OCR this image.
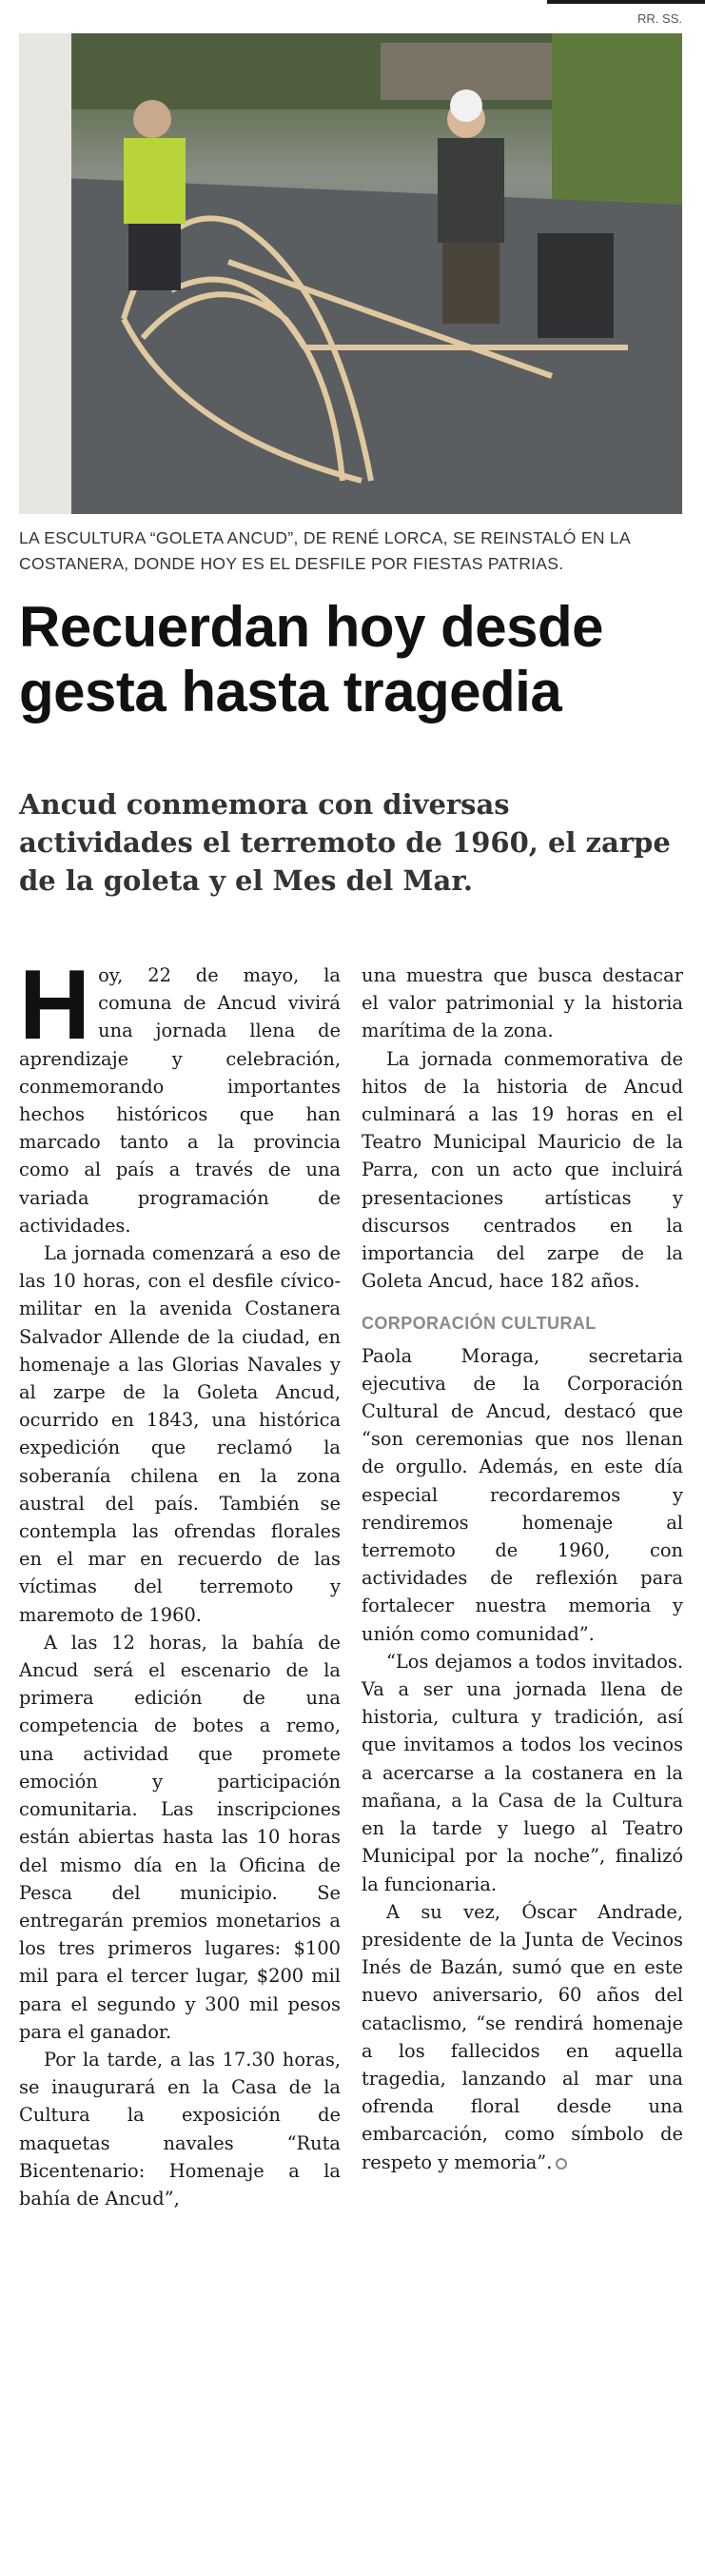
RR. SS.
LA ESCULTURA “GOLETA ANCUD”, DE RENÉ LORCA, SE REINSTALÓ EN LA COSTANERA, DONDE HOY ES EL DESFILE POR FIESTAS PATRIAS.
Recuerdan hoy desde gesta hasta tragedia
Ancud conmemora con diversas actividades el terremoto de 1960, el zarpe de la goleta y el Mes del Mar.

Hoy, 22 de mayo, la comuna de Ancud vivirá una jornada llena de aprendizaje y celebración, conmemorando importantes hechos históricos que han marcado tanto a la provincia como al país a través de una variada programación de actividades.

La jornada comenzará a eso de las 10 horas, con el desfile cívico-militar en la avenida Costanera Salvador Allende de la ciudad, en homenaje a las Glorias Navales y al zarpe de la Goleta Ancud, ocurrido en 1843, una histórica expedición que reclamó la soberanía chilena en la zona austral del país. También se contempla las ofrendas florales en el mar en recuerdo de las víctimas del terremoto y maremoto de 1960.

A las 12 horas, la bahía de Ancud será el escenario de la primera edición de una competencia de botes a remo, una actividad que promete emoción y participación comunitaria. Las inscripciones están abiertas hasta las 10 horas del mismo día en la Oficina de Pesca del municipio. Se entregarán premios monetarios a los tres primeros lugares: $100 mil para el tercer lugar, $200 mil para el segundo y 300 mil pesos para el ganador.

Por la tarde, a las 17.30 horas, se inaugurará en la Casa de la Cultura la exposición de maquetas navales “Ruta Bicentenario: Homenaje a la bahía de Ancud”,

una muestra que busca destacar el valor patrimonial y la historia marítima de la zona.

La jornada conmemorativa de hitos de la historia de Ancud culminará a las 19 horas en el Teatro Municipal Mauricio de la Parra, con un acto que incluirá presentaciones artísticas y discursos centrados en la importancia del zarpe de la Goleta Ancud, hace 182 años.

CORPORACIÓN CULTURAL

Paola Moraga, secretaria ejecutiva de la Corporación Cultural de Ancud, destacó que “son ceremonias que nos llenan de orgullo. Además, en este día especial recordaremos y rendiremos homenaje al terremoto de 1960, con actividades de reflexión para fortalecer nuestra memoria y unión como comunidad”.

“Los dejamos a todos invitados. Va a ser una jornada llena de historia, cultura y tradición, así que invitamos a todos los vecinos a acercarse a la costanera en la mañana, a la Casa de la Cultura en la tarde y luego al Teatro Municipal por la noche”, finalizó la funcionaria.

A su vez, Óscar Andrade, presidente de la Junta de Vecinos Inés de Bazán, sumó que en este nuevo aniversario, 60 años del cataclismo, “se rendirá homenaje a los fallecidos en aquella tragedia, lanzando al mar una ofrenda floral desde una embarcación, como símbolo de respeto y memoria”.
